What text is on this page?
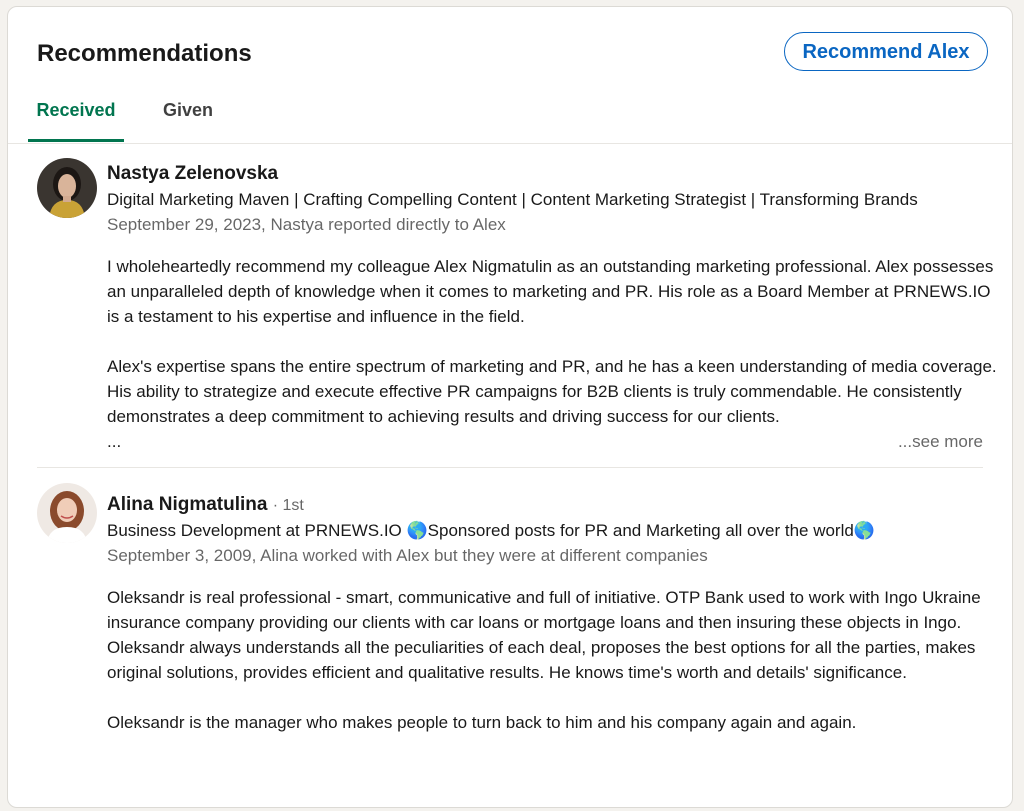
Recommendations	Recommend Alex
Received	Given
Nastya Zelenovska
Digital Marketing Maven | Crafting Compelling Content | Content Marketing Strategist | Transforming Brands
September 29, 2023, Nastya reported directly to Alex

I wholeheartedly recommend my colleague Alex Nigmatulin as an outstanding marketing professional. Alex possesses an unparalleled depth of knowledge when it comes to marketing and PR. His role as a Board Member at PRNEWS.IO is a testament to his expertise and influence in the field.

Alex's expertise spans the entire spectrum of marketing and PR, and he has a keen understanding of media coverage. His ability to strategize and execute effective PR campaigns for B2B clients is truly commendable. He consistently demonstrates a deep commitment to achieving results and driving success for our clients.

...	...see more
Alina Nigmatulina · 1st
Business Development at PRNEWS.IO 🌎Sponsored posts for PR and Marketing all over the world🌎
September 3, 2009, Alina worked with Alex but they were at different companies

Oleksandr is real professional - smart, communicative and full of initiative. OTP Bank used to work with Ingo Ukraine insurance company providing our clients with car loans or mortgage loans and then insuring these objects in Ingo.
Oleksandr always understands all the peculiarities of each deal, proposes the best options for all the parties, makes original solutions, provides efficient and qualitative results. He knows time's worth and details' significance.

Oleksandr is the manager who makes people to turn back to him and his company again and again.
